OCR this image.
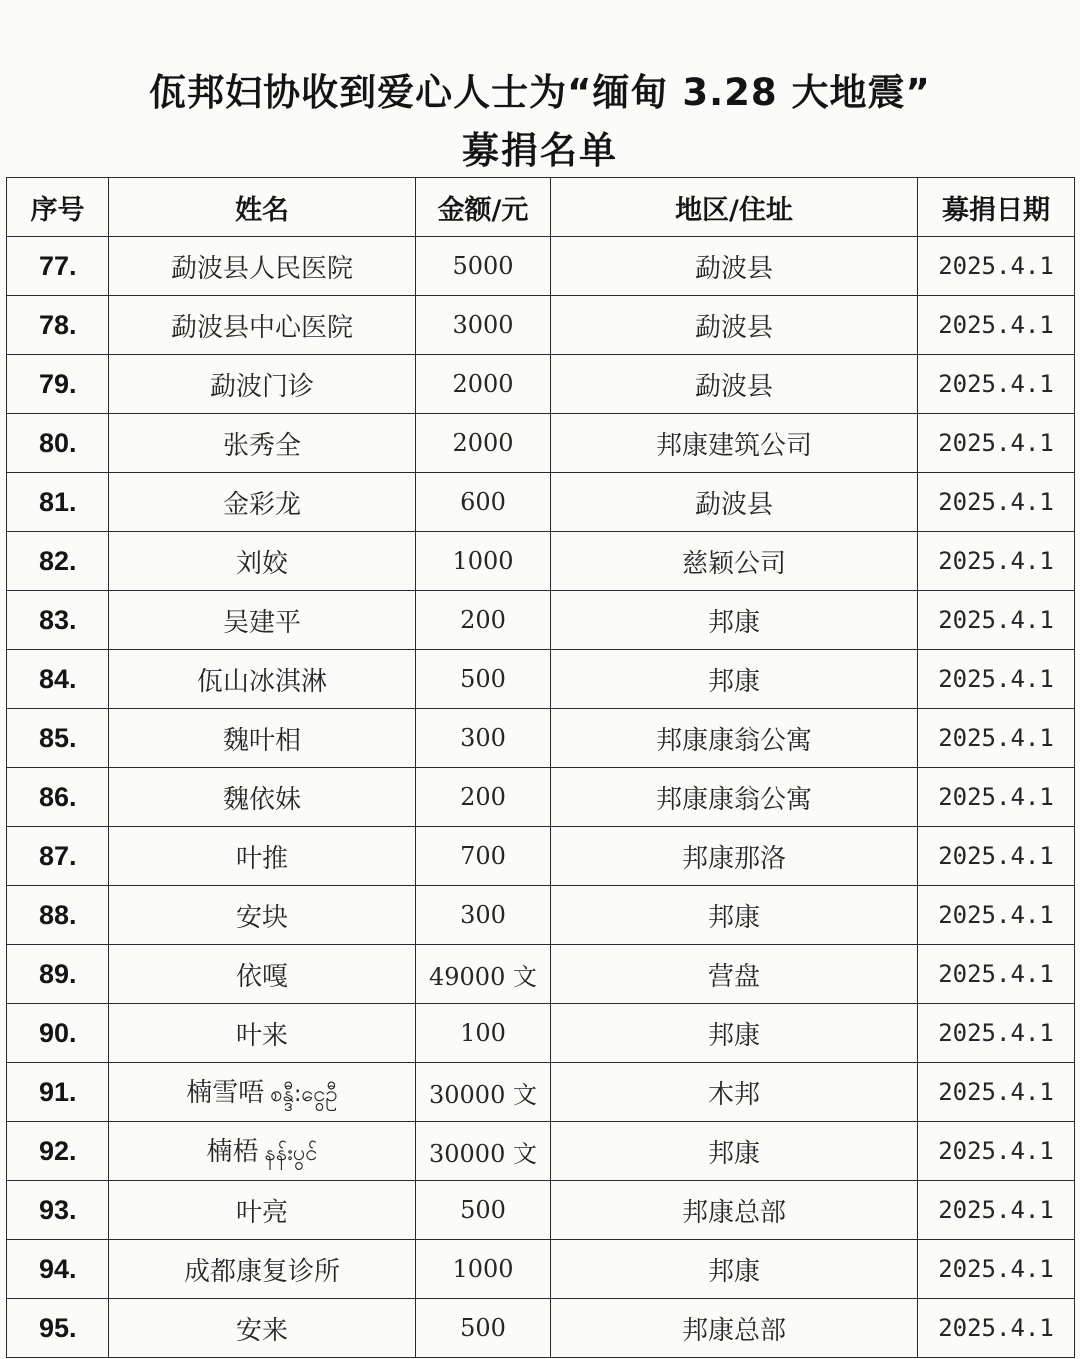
佤邦妇协收到爱心人士为“缅甸 3.28 大地震”
募捐名单
序号	姓名	金额/元	地区/住址	募捐日期
77.	勐波县人民医院	5000	勐波县	2025.4.1
78.	勐波县中心医院	3000	勐波县	2025.4.1
79.	勐波门诊	2000	勐波县	2025.4.1
80.	张秀全	2000	邦康建筑公司	2025.4.1
81.	金彩龙	600	勐波县	2025.4.1
82.	刘姣	1000	慈颖公司	2025.4.1
83.	吴建平	200	邦康	2025.4.1
84.	佤山冰淇淋	500	邦康	2025.4.1
85.	魏叶相	300	邦康康翁公寓	2025.4.1
86.	魏依妹	200	邦康康翁公寓	2025.4.1
87.	叶推	700	邦康那洛	2025.4.1
88.	安块	300	邦康	2025.4.1
89.	依嘎	49000 文	营盘	2025.4.1
90.	叶来	100	邦康	2025.4.1
91.	楠雪唔 စန္ဒီ:ငွေဦ	30000 文	木邦	2025.4.1
92.	楠梧 နန်းပွင်	30000 文	邦康	2025.4.1
93.	叶亮	500	邦康总部	2025.4.1
94.	成都康复诊所	1000	邦康	2025.4.1
95.	安来	500	邦康总部	2025.4.1
